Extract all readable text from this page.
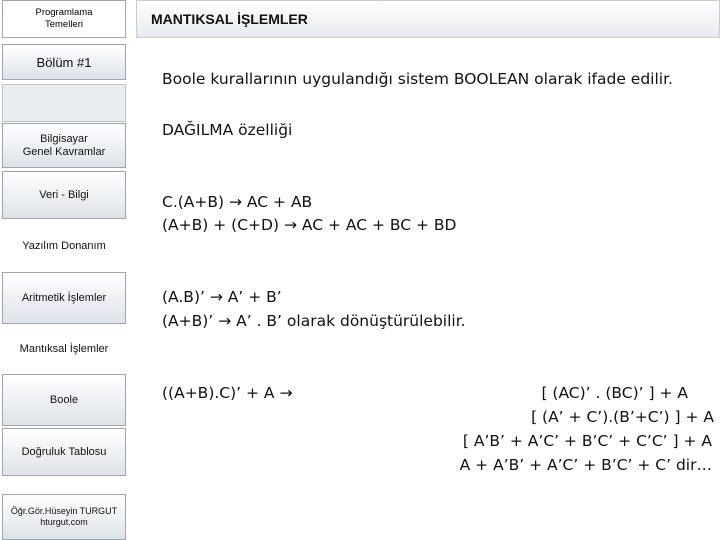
Programlama
Temelleri
Bölüm #1
Bilgisayar
Genel Kavramlar
Veri - Bilgi
Yazılım Donanım
Aritmetik İşlemler
Mantıksal İşlemler
Boole
Doğruluk Tablosu
Öğr.Gör.Hüseyin TURGUT
hturgut.com
MANTIKSAL İŞLEMLER
Boole kurallarının uygulandığı sistem BOOLEAN olarak ifade edilir.
DAĞILMA özelliği
C.(A+B) → AC + AB
(A+B) + (C+D) → AC + AC + BC + BD
(A.B)’ → A’ + B’
(A+B)’ → A’ . B’ olarak dönüştürülebilir.
((A+B).C)’ + A →	[ (AC)’ . (BC)’ ] + A
[ (A’ + C’).(B’+C’) ] + A
[ A’B’ + A’C’ + B’C’ + C’C’ ] + A
A + A’B’ + A’C’ + B’C’ + C’ dir…
